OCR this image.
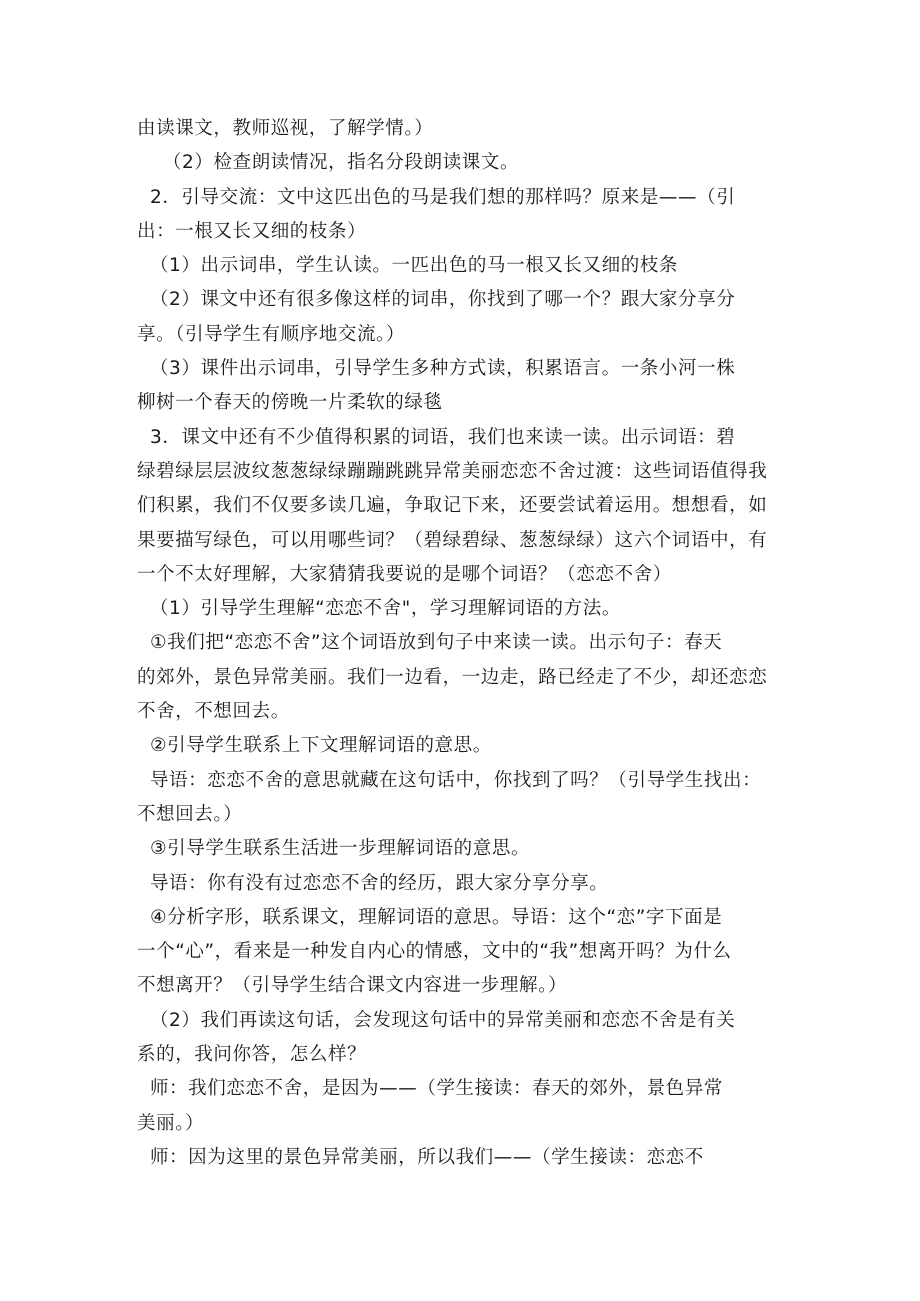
由读课文，教师巡视，了解学情。）
（2）检查朗读情况，指名分段朗读课文。
2．引导交流：文中这匹出色的马是我们想的那样吗？原来是——（引
出：一根又长又细的枝条）
（1）出示词串，学生认读。一匹出色的马一根又长又细的枝条
（2）课文中还有很多像这样的词串，你找到了哪一个？跟大家分享分
享。（引导学生有顺序地交流。）
（3）课件出示词串，引导学生多种方式读，积累语言。一条小河一株
柳树一个春天的傍晚一片柔软的绿毯
3．课文中还有不少值得积累的词语，我们也来读一读。出示词语：碧
绿碧绿层层波纹葱葱绿绿蹦蹦跳跳异常美丽恋恋不舍过渡：这些词语值得我
们积累，我们不仅要多读几遍，争取记下来，还要尝试着运用。想想看，如
果要描写绿色，可以用哪些词？（碧绿碧绿、葱葱绿绿）这六个词语中，有
一个不太好理解，大家猜猜我要说的是哪个词语？（恋恋不舍）
（1）引导学生理解“恋恋不舍"，学习理解词语的方法。
①我们把“恋恋不舍”这个词语放到句子中来读一读。出示句子：春天
的郊外，景色异常美丽。我们一边看，一边走，路已经走了不少，却还恋恋
不舍，不想回去。
②引导学生联系上下文理解词语的意思。
导语：恋恋不舍的意思就藏在这句话中，你找到了吗？（引导学生找出：
不想回去。）
③引导学生联系生活进一步理解词语的意思。
导语：你有没有过恋恋不舍的经历，跟大家分享分享。
④分析字形，联系课文，理解词语的意思。导语：这个“恋”字下面是
一个“心”，看来是一种发自内心的情感，文中的“我”想离开吗？为什么
不想离开？（引导学生结合课文内容进一步理解。）
（2）我们再读这句话，会发现这句话中的异常美丽和恋恋不舍是有关
系的，我问你答，怎么样？
师：我们恋恋不舍，是因为——（学生接读：春天的郊外，景色异常
美丽。）
师：因为这里的景色异常美丽，所以我们——（学生接读：恋恋不
